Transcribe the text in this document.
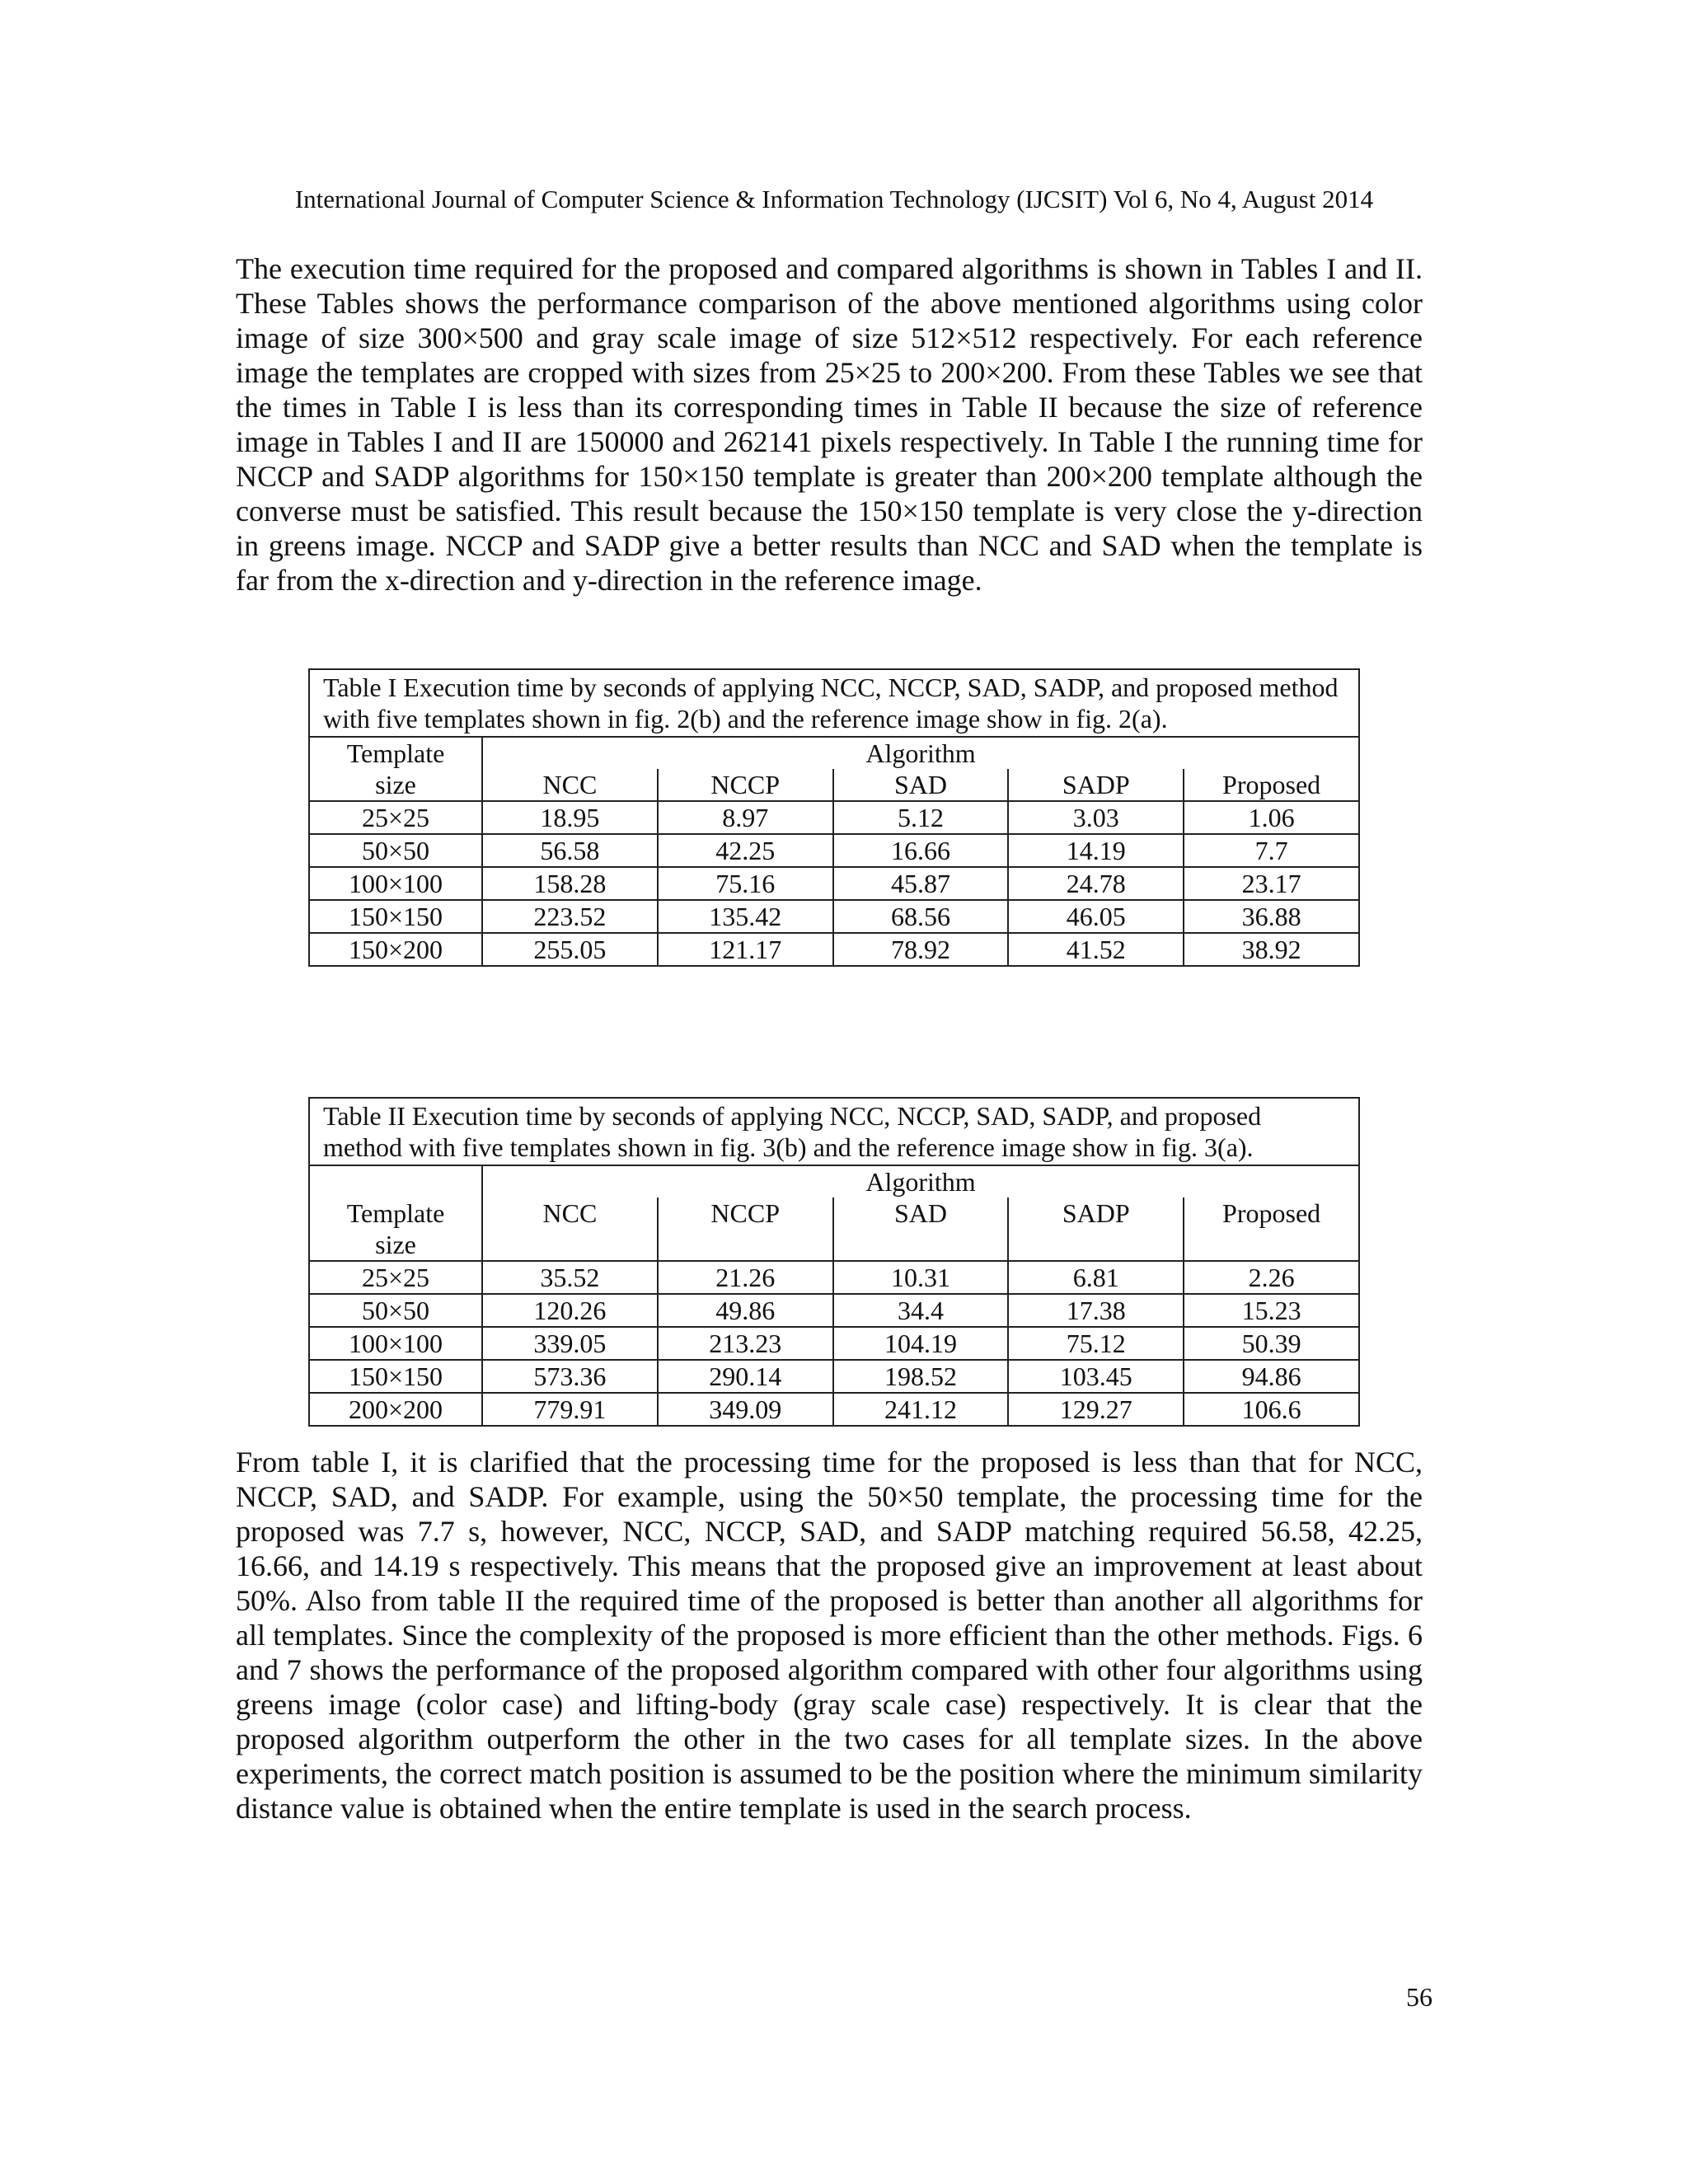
International Journal of Computer Science & Information Technology (IJCSIT) Vol 6, No 4, August 2014

The execution time required for the proposed and compared algorithms is shown in Tables I and II. These Tables shows the performance comparison of the above mentioned algorithms using color image of size 300×500 and gray scale image of size 512×512 respectively. For each reference image the templates are cropped with sizes from 25×25 to 200×200. From these Tables we see that the times in Table I is less than its corresponding times in Table II because the size of reference image in Tables I and II are 150000 and 262141 pixels respectively. In Table I the running time for NCCP and SADP algorithms for 150×150 template is greater than 200×200 template although the converse must be satisfied. This result because the 150×150 template is very close the y-direction in greens image. NCCP and SADP give a better results than NCC and SAD when the template is far from the x-direction and y-direction in the reference image.

Table I Execution time by seconds of applying NCC, NCCP, SAD, SADP, and proposed method with five templates shown in fig. 2(b) and the reference image show in fig. 2(a).					

Template
size	Algorithm				
	NCC	NCCP	SAD	SADP	Proposed
25×25	18.95	8.97	5.12	3.03	1.06
50×50	56.58	42.25	16.66	14.19	7.7
100×100	158.28	75.16	45.87	24.78	23.17
150×150	223.52	135.42	68.56	46.05	36.88
150×200	255.05	121.17	78.92	41.52	38.92
Table II Execution time by seconds of applying NCC, NCCP, SAD, SADP, and proposed method with five templates shown in fig. 3(b) and the reference image show in fig. 3(a).					

Template
size	Algorithm				
	NCC	NCCP	SAD	SADP	Proposed
25×25	35.52	21.26	10.31	6.81	2.26
50×50	120.26	49.86	34.4	17.38	15.23
100×100	339.05	213.23	104.19	75.12	50.39
150×150	573.36	290.14	198.52	103.45	94.86
200×200	779.91	349.09	241.12	129.27	106.6

From table I, it is clarified that the processing time for the proposed is less than that for NCC, NCCP, SAD, and SADP. For example, using the 50×50 template, the processing time for the proposed was 7.7 s, however, NCC, NCCP, SAD, and SADP matching required 56.58, 42.25, 16.66, and 14.19 s respectively. This means that the proposed give an improvement at least about 50%. Also from table II the required time of the proposed is better than another all algorithms for all templates. Since the complexity of the proposed is more efficient than the other methods. Figs. 6 and 7 shows the performance of the proposed algorithm compared with other four algorithms using greens image (color case) and lifting-body (gray scale case) respectively. It is clear that the proposed algorithm outperform the other in the two cases for all template sizes. In the above experiments, the correct match position is assumed to be the position where the minimum similarity distance value is obtained when the entire template is used in the search process.

56
